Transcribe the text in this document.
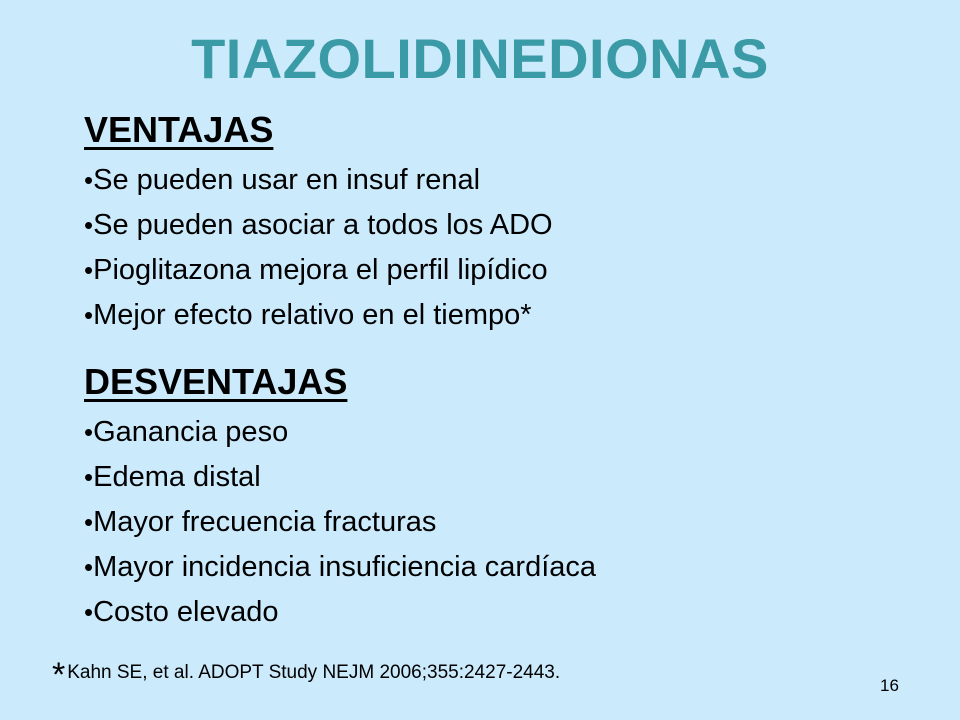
TIAZOLIDINEDIONAS
VENTAJAS
•Se pueden usar en insuf renal
•Se pueden asociar a todos los ADO
•Pioglitazona mejora el perfil lipídico
•Mejor efecto relativo en el tiempo*
DESVENTAJAS
•Ganancia peso
•Edema distal
•Mayor frecuencia fracturas
•Mayor incidencia insuficiencia cardíaca
•Costo elevado
* Kahn SE, et al. ADOPT Study NEJM 2006;355:2427-2443.
16
